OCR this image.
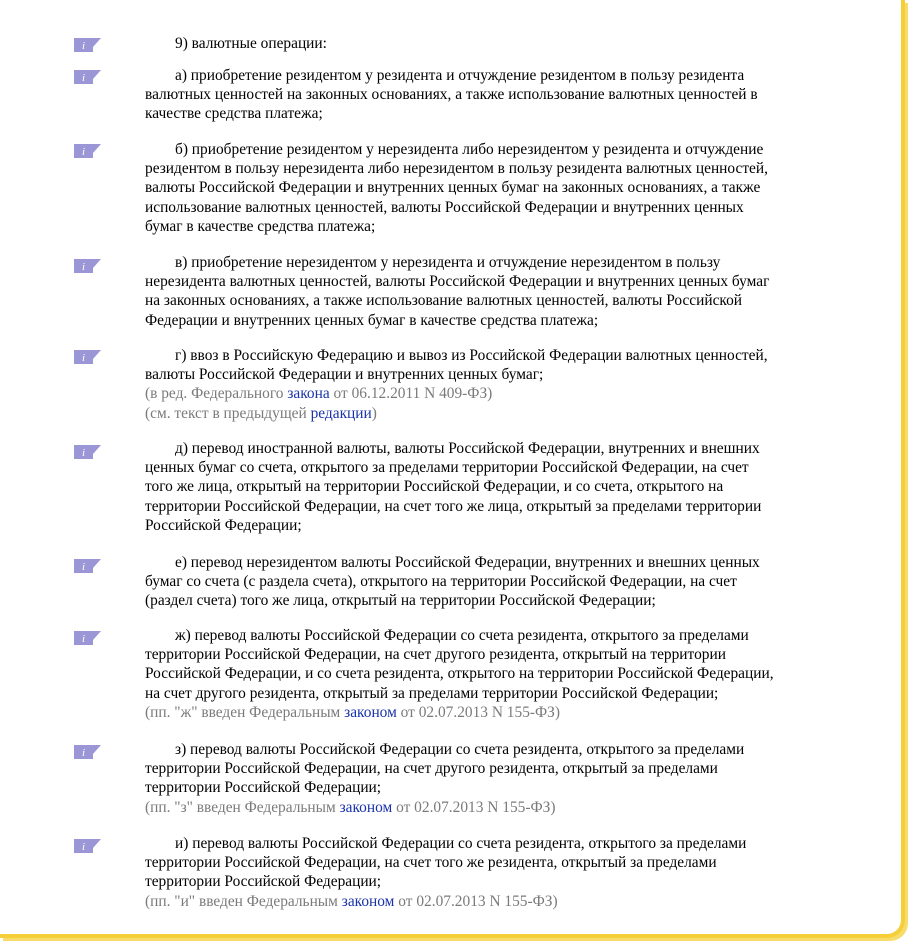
i	9) валютные операции:
i	а) приобретение резидентом у резидента и отчуждение резидентом в пользу резидента
валютных ценностей на законных основаниях, а также использование валютных ценностей в
качестве средства платежа;
i	б) приобретение резидентом у нерезидента либо нерезидентом у резидента и отчуждение
резидентом в пользу нерезидента либо нерезидентом в пользу резидента валютных ценностей,
валюты Российской Федерации и внутренних ценных бумаг на законных основаниях, а также
использование валютных ценностей, валюты Российской Федерации и внутренних ценных
бумаг в качестве средства платежа;
i	в) приобретение нерезидентом у нерезидента и отчуждение нерезидентом в пользу
нерезидента валютных ценностей, валюты Российской Федерации и внутренних ценных бумаг
на законных основаниях, а также использование валютных ценностей, валюты Российской
Федерации и внутренних ценных бумаг в качестве средства платежа;
i	г) ввоз в Российскую Федерацию и вывоз из Российской Федерации валютных ценностей,
валюты Российской Федерации и внутренних ценных бумаг;
(в ред. Федерального закона от 06.12.2011 N 409-ФЗ)
(см. текст в предыдущей редакции)
i	д) перевод иностранной валюты, валюты Российской Федерации, внутренних и внешних
ценных бумаг со счета, открытого за пределами территории Российской Федерации, на счет
того же лица, открытый на территории Российской Федерации, и со счета, открытого на
территории Российской Федерации, на счет того же лица, открытый за пределами территории
Российской Федерации;
i	е) перевод нерезидентом валюты Российской Федерации, внутренних и внешних ценных
бумаг со счета (с раздела счета), открытого на территории Российской Федерации, на счет
(раздел счета) того же лица, открытый на территории Российской Федерации;
i	ж) перевод валюты Российской Федерации со счета резидента, открытого за пределами
территории Российской Федерации, на счет другого резидента, открытый на территории
Российской Федерации, и со счета резидента, открытого на территории Российской Федерации,
на счет другого резидента, открытый за пределами территории Российской Федерации;
(пп. "ж" введен Федеральным законом от 02.07.2013 N 155-ФЗ)
i	з) перевод валюты Российской Федерации со счета резидента, открытого за пределами
территории Российской Федерации, на счет другого резидента, открытый за пределами
территории Российской Федерации;
(пп. "з" введен Федеральным законом от 02.07.2013 N 155-ФЗ)
i	и) перевод валюты Российской Федерации со счета резидента, открытого за пределами
территории Российской Федерации, на счет того же резидента, открытый за пределами
территории Российской Федерации;
(пп. "и" введен Федеральным законом от 02.07.2013 N 155-ФЗ)
